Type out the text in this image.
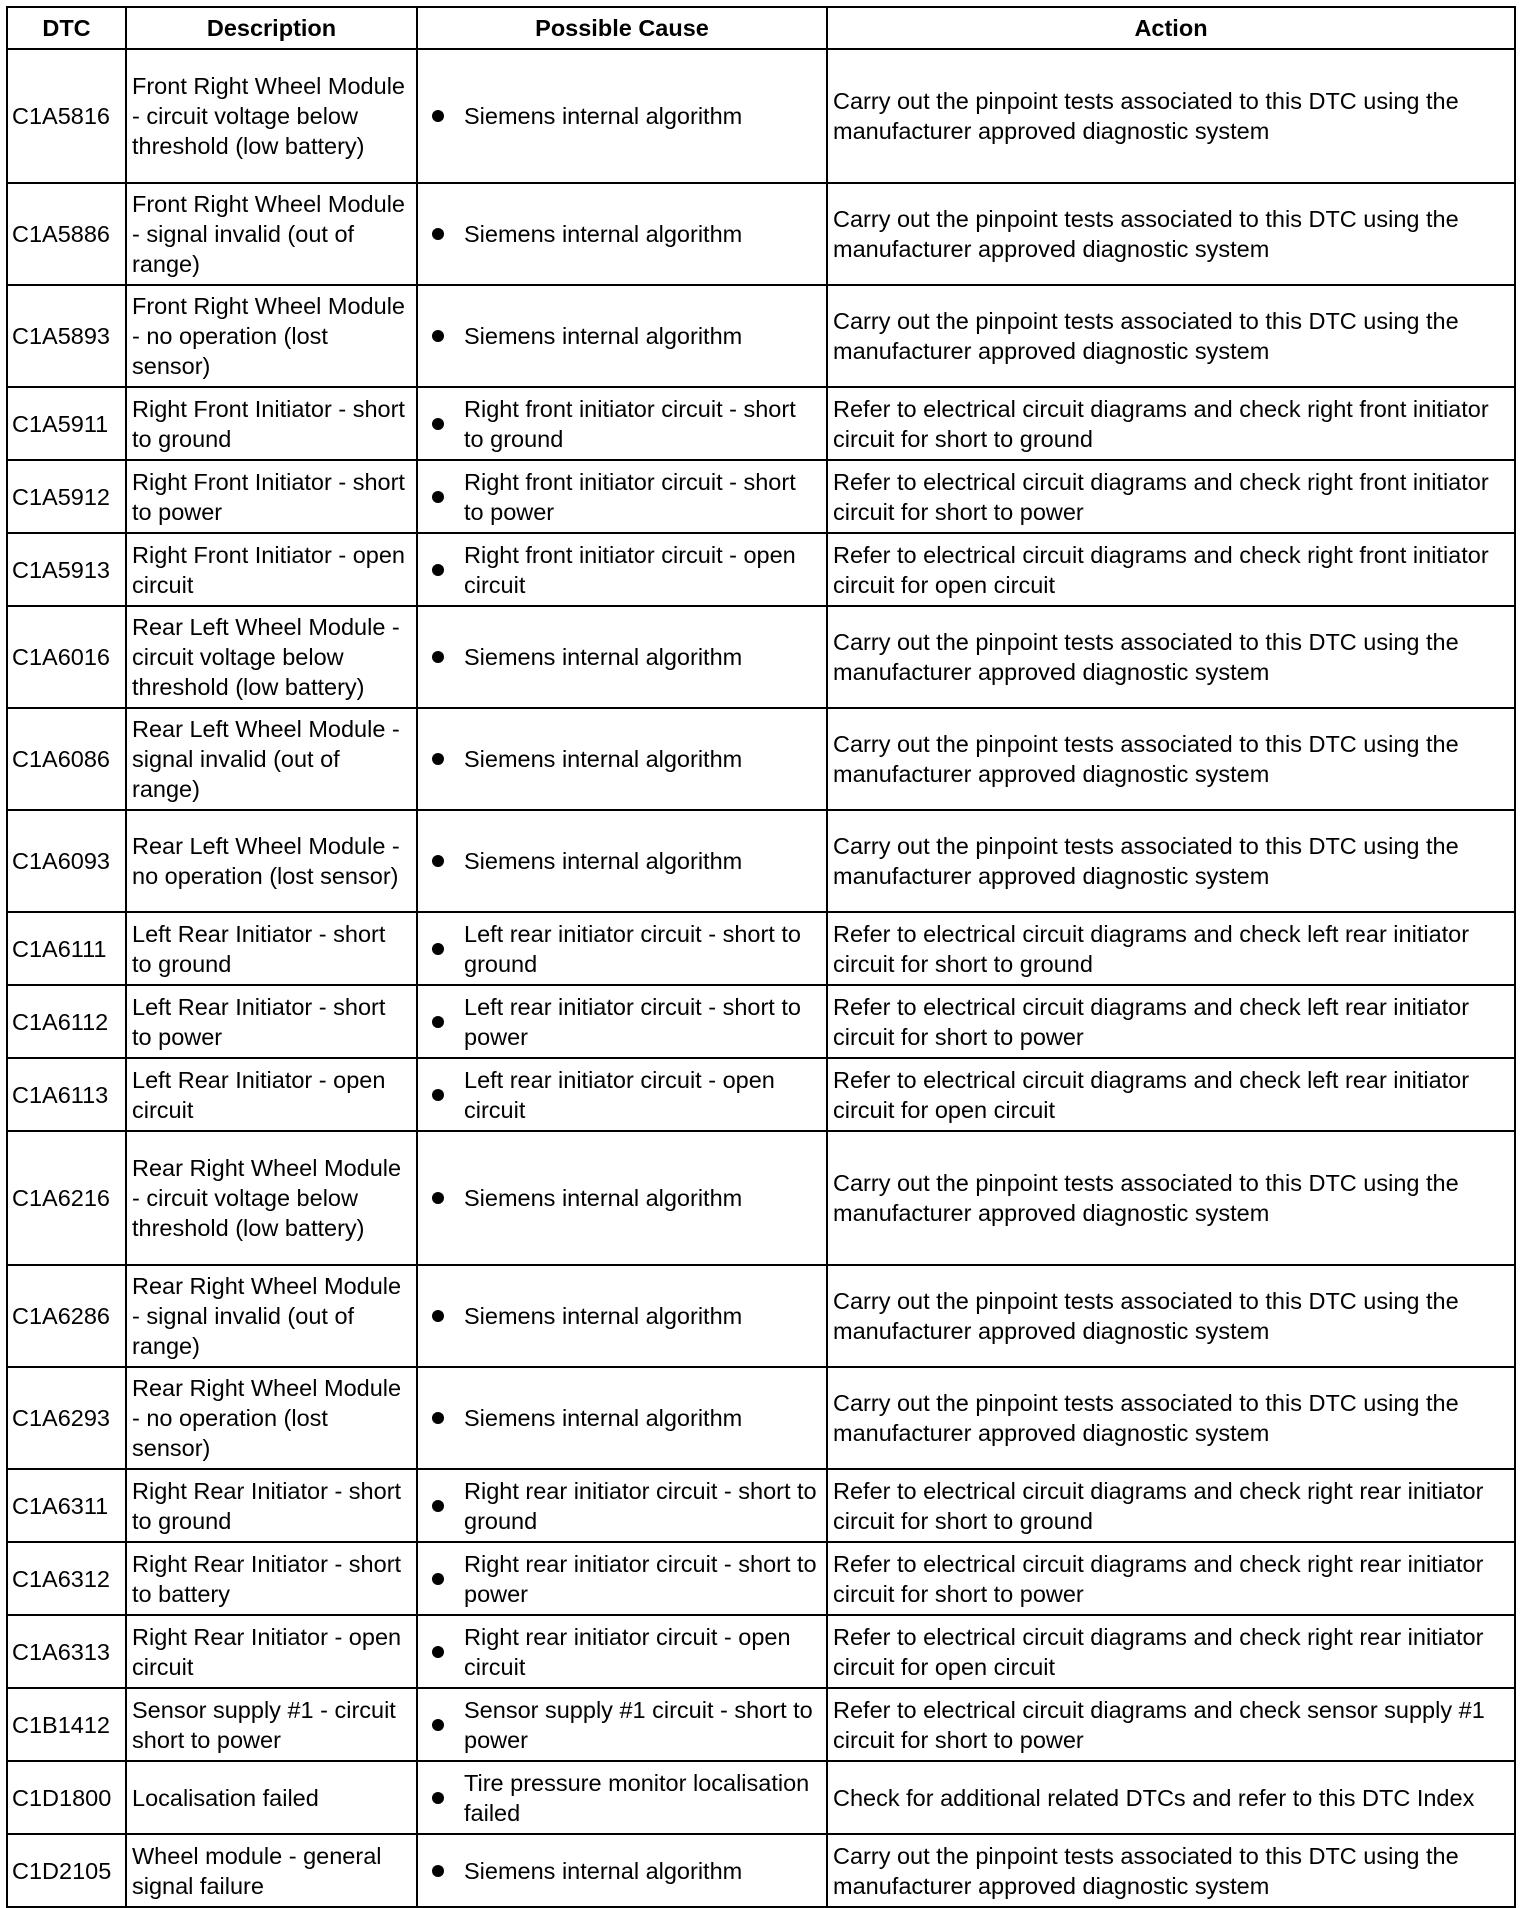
DTC	Description	Possible Cause	Action
C1A5816	Front Right Wheel Module - circuit voltage below threshold (low battery)	Siemens internal algorithm	Carry out the pinpoint tests associated to this DTC using the manufacturer approved diagnostic system
C1A5886	Front Right Wheel Module - signal invalid (out of range)	Siemens internal algorithm	Carry out the pinpoint tests associated to this DTC using the manufacturer approved diagnostic system
C1A5893	Front Right Wheel Module - no operation (lost sensor)	Siemens internal algorithm	Carry out the pinpoint tests associated to this DTC using the manufacturer approved diagnostic system
C1A5911	Right Front Initiator - short to ground	Right front initiator circuit - short to ground	Refer to electrical circuit diagrams and check right front initiator circuit for short to ground
C1A5912	Right Front Initiator - short to power	Right front initiator circuit - short to power	Refer to electrical circuit diagrams and check right front initiator circuit for short to power
C1A5913	Right Front Initiator - open circuit	Right front initiator circuit - open circuit	Refer to electrical circuit diagrams and check right front initiator circuit for open circuit
C1A6016	Rear Left Wheel Module - circuit voltage below threshold (low battery)	Siemens internal algorithm	Carry out the pinpoint tests associated to this DTC using the manufacturer approved diagnostic system
C1A6086	Rear Left Wheel Module - signal invalid (out of range)	Siemens internal algorithm	Carry out the pinpoint tests associated to this DTC using the manufacturer approved diagnostic system
C1A6093	Rear Left Wheel Module - no operation (lost sensor)	Siemens internal algorithm	Carry out the pinpoint tests associated to this DTC using the manufacturer approved diagnostic system
C1A6111	Left Rear Initiator - short to ground	Left rear initiator circuit - short to ground	Refer to electrical circuit diagrams and check left rear initiator circuit for short to ground
C1A6112	Left Rear Initiator - short to power	Left rear initiator circuit - short to power	Refer to electrical circuit diagrams and check left rear initiator circuit for short to power
C1A6113	Left Rear Initiator - open circuit	Left rear initiator circuit - open circuit	Refer to electrical circuit diagrams and check left rear initiator circuit for open circuit
C1A6216	Rear Right Wheel Module - circuit voltage below threshold (low battery)	Siemens internal algorithm	Carry out the pinpoint tests associated to this DTC using the manufacturer approved diagnostic system
C1A6286	Rear Right Wheel Module - signal invalid (out of range)	Siemens internal algorithm	Carry out the pinpoint tests associated to this DTC using the manufacturer approved diagnostic system
C1A6293	Rear Right Wheel Module - no operation (lost sensor)	Siemens internal algorithm	Carry out the pinpoint tests associated to this DTC using the manufacturer approved diagnostic system
C1A6311	Right Rear Initiator - short to ground	Right rear initiator circuit - short to ground	Refer to electrical circuit diagrams and check right rear initiator circuit for short to ground
C1A6312	Right Rear Initiator - short to battery	Right rear initiator circuit - short to power	Refer to electrical circuit diagrams and check right rear initiator circuit for short to power
C1A6313	Right Rear Initiator - open circuit	Right rear initiator circuit - open circuit	Refer to electrical circuit diagrams and check right rear initiator circuit for open circuit
C1B1412	Sensor supply #1 - circuit short to power	Sensor supply #1 circuit - short to power	Refer to electrical circuit diagrams and check sensor supply #1 circuit for short to power
C1D1800	Localisation failed	Tire pressure monitor localisation failed	Check for additional related DTCs and refer to this DTC Index
C1D2105	Wheel module - general signal failure	Siemens internal algorithm	Carry out the pinpoint tests associated to this DTC using the manufacturer approved diagnostic system
